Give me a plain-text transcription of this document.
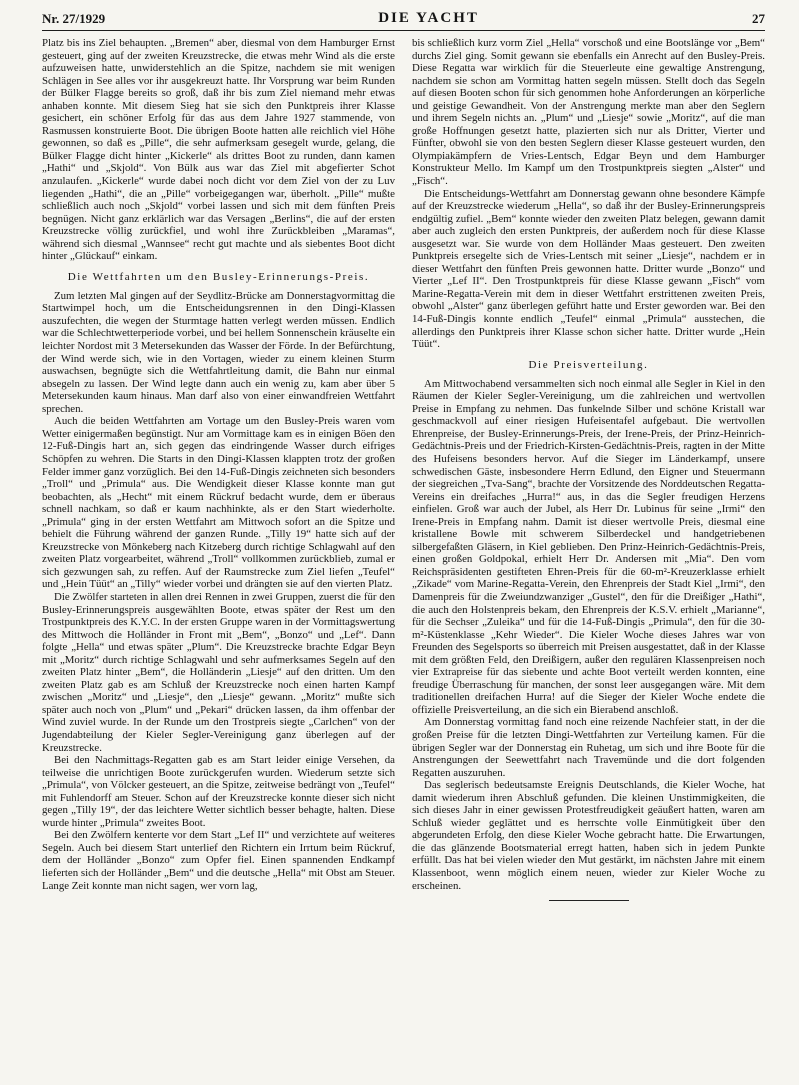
Nr. 27/1929	DIE YACHT	27

Platz bis ins Ziel behaupten. „Bremen“ aber, diesmal von dem Hamburger Ernst gesteuert, ging auf der zweiten Kreuzstrecke, die etwas mehr Wind als die erste aufzuweisen hatte, unwiderstehlich an die Spitze, nachdem sie mit wenigen Schlägen in See alles vor ihr ausgekreuzt hatte. Ihr Vorsprung war beim Runden der Bülker Flagge bereits so groß, daß ihr bis zum Ziel niemand mehr etwas anhaben konnte. Mit diesem Sieg hat sie sich den Punktpreis ihrer Klasse gesichert, ein schöner Erfolg für das aus dem Jahre 1927 stammende, von Rasmussen konstruierte Boot. Die übrigen Boote hatten alle reichlich viel Höhe gewonnen, so daß es „Pille“, die sehr aufmerksam gesegelt wurde, gelang, die Bülker Flagge dicht hinter „Kickerle“ als drittes Boot zu runden, dann kamen „Hathi“ und „Skjold“. Von Bülk aus war das Ziel mit abgefierter Schot anzulaufen. „Kickerle“ wurde dabei noch dicht vor dem Ziel von der zu Luv liegenden „Hathi“, die an „Pille“ vorbeigegangen war, überholt. „Pille“ mußte schließlich auch noch „Skjold“ vorbei lassen und sich mit dem fünften Preis begnügen. Nicht ganz erklärlich war das Versagen „Berlins“, die auf der ersten Kreuzstrecke völlig zurückfiel, und wohl ihre Zurückbleiben „Maramas“, während sich diesmal „Wannsee“ recht gut machte und als siebentes Boot dicht hinter „Glückauf“ einkam.

Die Wettfahrten um den Busley-Erinnerungs-Preis.

Zum letzten Mal gingen auf der Seydlitz-Brücke am Donnerstagvormittag die Startwimpel hoch, um die Entscheidungsrennen in den Dingi-Klassen auszufechten, die wegen der Sturmtage hatten verlegt werden müssen. Endlich war die Schlechtwetterperiode vorbei, und bei hellem Sonnenschein kräuselte ein leichter Nordost mit 3 Metersekunden das Wasser der Förde. In der Befürchtung, der Wind werde sich, wie in den Vortagen, wieder zu einem kleinen Sturm auswachsen, begnügte sich die Wettfahrtleitung damit, die Bahn nur einmal absegeln zu lassen. Der Wind legte dann auch ein wenig zu, kam aber über 5 Metersekunden kaum hinaus. Man darf also von einer einwandfreien Wettfahrt sprechen.

Auch die beiden Wettfahrten am Vortage um den Busley-Preis waren vom Wetter einigermaßen begünstigt. Nur am Vormittage kam es in einigen Böen den 12-Fuß-Dingis hart an, sich gegen das eindringende Wasser durch eifriges Schöpfen zu wehren. Die Starts in den Dingi-Klassen klappten trotz der großen Felder immer ganz vorzüglich. Bei den 14-Fuß-Dingis zeichneten sich besonders „Troll“ und „Primula“ aus. Die Wendigkeit dieser Klasse konnte man gut beobachten, als „Hecht“ mit einem Rückruf bedacht wurde, dem er überaus schnell nachkam, so daß er kaum nachhinkte, als er den Start wiederholte. „Primula“ ging in der ersten Wettfahrt am Mittwoch sofort an die Spitze und behielt die Führung während der ganzen Runde. „Tilly 19“ hatte sich auf der Kreuzstrecke von Mönkeberg nach Kitzeberg durch richtige Schlagwahl auf den zweiten Platz vorgearbeitet, während „Troll“ vollkommen zurückblieb, zumal er sich gezwungen sah, zu reffen. Auf der Raumstrecke zum Ziel liefen „Teufel“ und „Hein Tüüt“ an „Tilly“ wieder vorbei und drängten sie auf den vierten Platz.

Die Zwölfer starteten in allen drei Rennen in zwei Gruppen, zuerst die für den Busley-Erinnerungspreis ausgewählten Boote, etwas später der Rest um den Trostpunktpreis des K.Y.C. In der ersten Gruppe waren in der Vormittagswertung des Mittwoch die Holländer in Front mit „Bem“, „Bonzo“ und „Lef“. Dann folgte „Hella“ und etwas später „Plum“. Die Kreuzstrecke brachte Edgar Beyn mit „Moritz“ durch richtige Schlagwahl und sehr aufmerksames Segeln auf den zweiten Platz hinter „Bem“, die Holländerin „Liesje“ auf den dritten. Um den zweiten Platz gab es am Schluß der Kreuzstrecke noch einen harten Kampf zwischen „Moritz“ und „Liesje“, den „Liesje“ gewann. „Moritz“ mußte sich später auch noch von „Plum“ und „Pekari“ drücken lassen, da ihm offenbar der Wind zuviel wurde. In der Runde um den Trostpreis siegte „Carlchen“ von der Jugendabteilung der Kieler Segler-Vereinigung ganz überlegen auf der Kreuzstrecke.

Bei den Nachmittags-Regatten gab es am Start leider einige Versehen, da teilweise die unrichtigen Boote zurückgerufen wurden. Wiederum setzte sich „Primula“, von Völcker gesteuert, an die Spitze, zeitweise bedrängt von „Teufel“ mit Fuhlendorff am Steuer. Schon auf der Kreuzstrecke konnte dieser sich nicht gegen „Tilly 19“, der das leichtere Wetter sichtlich besser behagte, halten. Diese wurde hinter „Primula“ zweites Boot.

Bei den Zwölfern kenterte vor dem Start „Lef II“ und verzichtete auf weiteres Segeln. Auch bei diesem Start unterlief den Richtern ein Irrtum beim Rückruf, dem der Holländer „Bonzo“ zum Opfer fiel. Einen spannenden Endkampf lieferten sich der Holländer „Bem“ und die deutsche „Hella“ mit Obst am Steuer. Lange Zeit konnte man nicht sagen, wer vorn lag,

bis schließlich kurz vorm Ziel „Hella“ vorschoß und eine Bootslänge vor „Bem“ durchs Ziel ging. Somit gewann sie ebenfalls ein Anrecht auf den Busley-Preis. Diese Regatta war wirklich für die Steuerleute eine gewaltige Anstrengung, nachdem sie schon am Vormittag hatten segeln müssen. Stellt doch das Segeln auf diesen Booten schon für sich genommen hohe Anforderungen an körperliche und geistige Gewandheit. Von der Anstrengung merkte man aber den Seglern und ihrem Segeln nichts an. „Plum“ und „Liesje“ sowie „Moritz“, auf die man große Hoffnungen gesetzt hatte, plazierten sich nur als Dritter, Vierter und Fünfter, obwohl sie von den besten Seglern dieser Klasse gesteuert wurden, den Olympiakämpfern de Vries-Lentsch, Edgar Beyn und dem Hamburger Konstrukteur Mello. Im Kampf um den Trostpunktpreis siegten „Alster“ und „Fisch“.

Die Entscheidungs-Wettfahrt am Donnerstag gewann ohne besondere Kämpfe auf der Kreuzstrecke wiederum „Hella“, so daß ihr der Busley-Erinnerungspreis endgültig zufiel. „Bem“ konnte wieder den zweiten Platz belegen, gewann damit aber auch zugleich den ersten Punktpreis, der außerdem noch für diese Klasse ausgesetzt war. Sie wurde von dem Holländer Maas gesteuert. Den zweiten Punktpreis ersegelte sich de Vries-Lentsch mit seiner „Liesje“, nachdem er in dieser Wettfahrt den fünften Preis gewonnen hatte. Dritter wurde „Bonzo“ und Vierter „Lef II“. Den Trostpunktpreis für diese Klasse gewann „Fisch“ vom Marine-Regatta-Verein mit dem in dieser Wettfahrt erstrittenen zweiten Preis, obwohl „Alster“ ganz überlegen geführt hatte und Erster geworden war. Bei den 14-Fuß-Dingis konnte endlich „Teufel“ einmal „Primula“ ausstechen, die allerdings den Punktpreis ihrer Klasse schon sicher hatte. Dritter wurde „Hein Tüüt“.

Die Preisverteilung.

Am Mittwochabend versammelten sich noch einmal alle Segler in Kiel in den Räumen der Kieler Segler-Vereinigung, um die zahlreichen und wertvollen Preise in Empfang zu nehmen. Das funkelnde Silber und schöne Kristall war geschmackvoll auf einer riesigen Hufeisentafel aufgebaut. Die wertvollen Ehrenpreise, der Busley-Erinnerungs-Preis, der Irene-Preis, der Prinz-Heinrich-Gedächtnis-Preis und der Friedrich-Kirsten-Gedächtnis-Preis, ragten in der Mitte des Hufeisens besonders hervor. Auf die Sieger im Länderkampf, unsere schwedischen Gäste, insbesondere Herrn Edlund, den Eigner und Steuermann der siegreichen „Tva-Sang“, brachte der Vorsitzende des Norddeutschen Regatta-Vereins ein dreifaches „Hurra!“ aus, in das die Segler freudigen Herzens einfielen. Groß war auch der Jubel, als Herr Dr. Lubinus für seine „Irmi“ den Irene-Preis in Empfang nahm. Damit ist dieser wertvolle Preis, diesmal eine kristallene Bowle mit schwerem Silberdeckel und handgetriebenen silbergefaßten Gläsern, in Kiel geblieben. Den Prinz-Heinrich-Gedächtnis-Preis, einen großen Goldpokal, erhielt Herr Dr. Andersen mit „Mia“. Den vom Reichspräsidenten gestifteten Ehren-Preis für die 60-m²-Kreuzerklasse erhielt „Zikade“ vom Marine-Regatta-Verein, den Ehrenpreis der Stadt Kiel „Irmi“, den Damenpreis für die Zweiundzwanziger „Gustel“, den für die Dreißiger „Hathi“, die auch den Holstenpreis bekam, den Ehrenpreis der K.S.V. erhielt „Marianne“, für die Sechser „Zuleika“ und für die 14-Fuß-Dingis „Primula“, den für die 30-m²-Küstenklasse „Kehr Wieder“. Die Kieler Woche dieses Jahres war von Freunden des Segelsports so überreich mit Preisen ausgestattet, daß in der Klasse mit dem größten Feld, den Dreißigern, außer den regulären Klassenpreisen noch vier Extrapreise für das siebente und achte Boot verteilt werden konnten, eine freudige Überraschung für manchen, der sonst leer ausgegangen wäre. Mit dem traditionellen dreifachen Hurra! auf die Sieger der Kieler Woche endete die offizielle Preisverteilung, an die sich ein Bierabend anschloß.

Am Donnerstag vormittag fand noch eine reizende Nachfeier statt, in der die großen Preise für die letzten Dingi-Wettfahrten zur Verteilung kamen. Für die übrigen Segler war der Donnerstag ein Ruhetag, um sich und ihre Boote für die Anstrengungen der Seewettfahrt nach Travemünde und die dort folgenden Regatten auszuruhen.

Das seglerisch bedeutsamste Ereignis Deutschlands, die Kieler Woche, hat damit wiederum ihren Abschluß gefunden. Die kleinen Unstimmigkeiten, die sich dieses Jahr in einer gewissen Protestfreudigkeit geäußert hatten, waren am Schluß wieder geglättet und es herrschte volle Einmütigkeit über den abgerundeten Erfolg, den diese Kieler Woche gebracht hatte. Die Erwartungen, die das glänzende Bootsmaterial erregt hatten, haben sich in jedem Punkte erfüllt. Das hat bei vielen wieder den Mut gestärkt, im nächsten Jahre mit einem Klassenboot, wenn möglich einem neuen, wieder zur Kieler Woche zu erscheinen.
